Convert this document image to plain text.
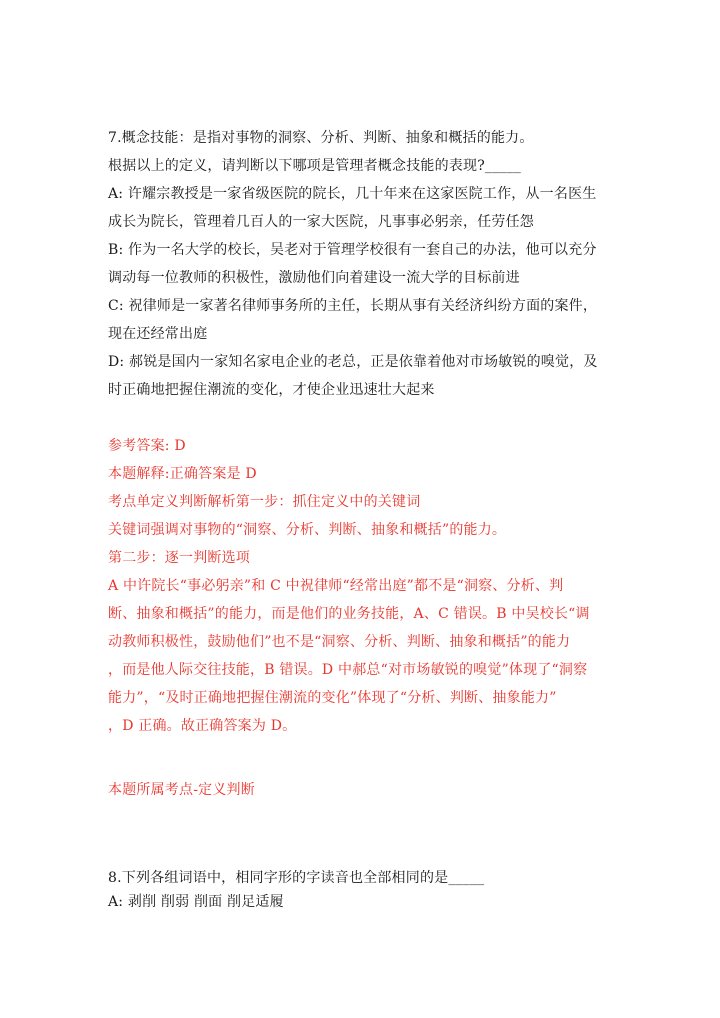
7.概念技能：是指对事物的洞察、分析、判断、抽象和概括的能力。
根据以上的定义，请判断以下哪项是管理者概念技能的表现?_____
A: 许耀宗教授是一家省级医院的院长，几十年来在这家医院工作，从一名医生
成长为院长，管理着几百人的一家大医院，凡事事必躬亲，任劳任怨
B: 作为一名大学的校长，吴老对于管理学校很有一套自己的办法，他可以充分
调动每一位教师的积极性，激励他们向着建设一流大学的目标前进
C: 祝律师是一家著名律师事务所的主任，长期从事有关经济纠纷方面的案件，
现在还经常出庭
D: 郝锐是国内一家知名家电企业的老总，正是依靠着他对市场敏锐的嗅觉，及
时正确地把握住潮流的变化，才使企业迅速壮大起来
参考答案: D
本题解释:正确答案是 D
考点单定义判断解析第一步：抓住定义中的关键词
关键词强调对事物的“洞察、分析、判断、抽象和概括”的能力。
第二步：逐一判断选项
A 中许院长“事必躬亲”和 C 中祝律师“经常出庭”都不是“洞察、分析、判
断、抽象和概括”的能力，而是他们的业务技能，A、C 错误。B 中吴校长“调
动教师积极性，鼓励他们”也不是“洞察、分析、判断、抽象和概括”的能力
，而是他人际交往技能，B 错误。D 中郝总“对市场敏锐的嗅觉”体现了“洞察
能力”，“及时正确地把握住潮流的变化”体现了“分析、判断、抽象能力”
，D 正确。故正确答案为 D。
本题所属考点-定义判断
8.下列各组词语中，相同字形的字读音也全部相同的是_____
A: 剥削 削弱 削面 削足适履
